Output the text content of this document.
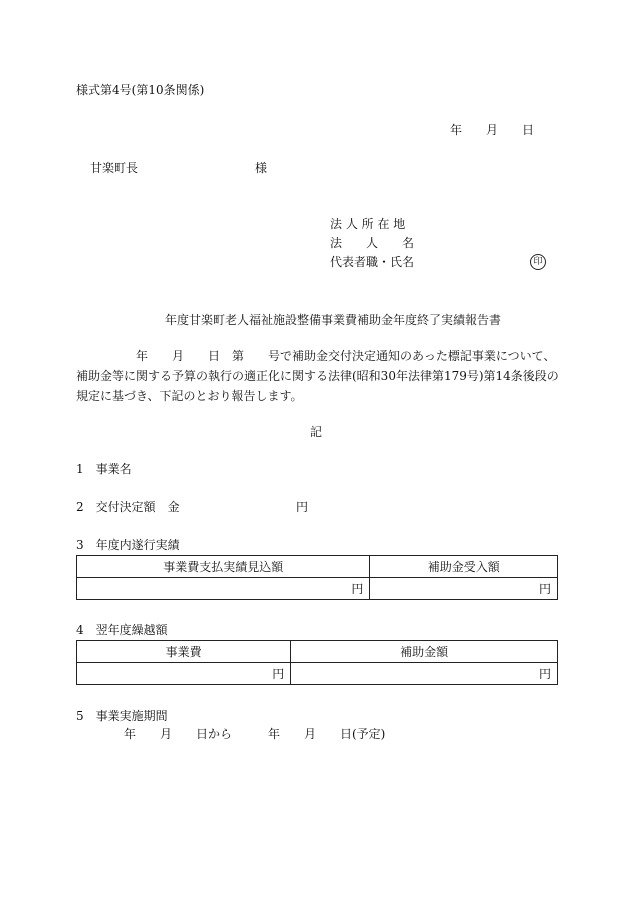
様式第4号(第10条関係)
年　　月　　日
甘楽町長	様
法 人 所 在 地
法　　人　　名
代表者職・氏名	印
年度甘楽町老人福祉施設整備事業費補助金年度終了実績報告書
年　　月　　日　第　　号で補助金交付決定通知のあった標記事業について、
補助金等に関する予算の執行の適正化に関する法律(昭和30年法律第179号)第14条後段の
規定に基づき、下記のとおり報告します。
記
1　事業名
2　交付決定額　金	円
3　年度内遂行実績
事業費支払実績見込額	補助金受入額
円	円
4　翌年度繰越額
事業費	補助金額
円	円
5　事業実施期間
年　　月　　日から　　　年　　月　　日(予定)
